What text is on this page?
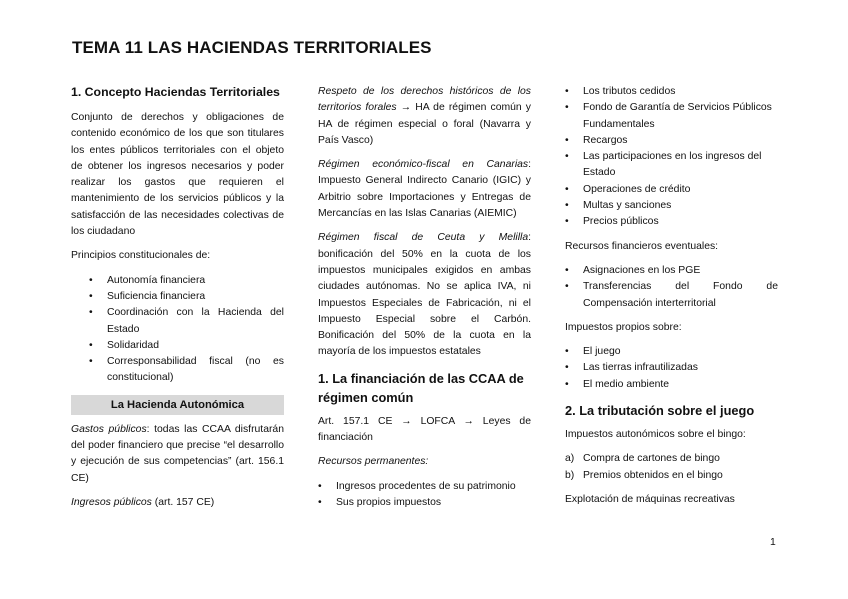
TEMA 11 LAS HACIENDAS TERRITORIALES
1. Concepto Haciendas Territoriales

Conjunto de derechos y obligaciones de contenido económico de los que son titulares los entes públicos territoriales con el objeto de obtener los ingresos necesarios y poder realizar los gastos que requieren el mantenimiento de los servicios públicos y la satisfacción de las necesidades colectivas de los ciudadano

Principios constitucionales de:

• Autonomía financiera
• Suficiencia financiera
• Coordinación con la Hacienda del Estado
• Solidaridad
• Corresponsabilidad fiscal (no es constitucional)
La Hacienda Autonómica

Gastos públicos: todas las CCAA disfrutarán del poder financiero que precise “el desarrollo y ejecución de sus competencias” (art. 156.1 CE)

Ingresos públicos (art. 157 CE)

Respeto de los derechos históricos de los territorios forales → HA de régimen común y HA de régimen especial o foral (Navarra y País Vasco)

Régimen económico-fiscal en Canarias: Impuesto General Indirecto Canario (IGIC) y Arbitrio sobre Importaciones y Entregas de Mercancías en las Islas Canarias (AIEMIC)

Régimen fiscal de Ceuta y Melilla: bonificación del 50% en la cuota de los impuestos municipales exigidos en ambas ciudades autónomas. No se aplica IVA, ni Impuestos Especiales de Fabricación, ni el Impuesto Especial sobre el Carbón. Bonificación del 50% de la cuota en la mayoría de los impuestos estatales

1. La financiación de las CCAA de régimen común

Art. 157.1 CE → LOFCA → Leyes de financiación

Recursos permanentes:

• Ingresos procedentes de su patrimonio
• Sus propios impuestos
• Los tributos cedidos
• Fondo de Garantía de Servicios Públicos Fundamentales
• Recargos
• Las participaciones en los ingresos del Estado
• Operaciones de crédito
• Multas y sanciones
• Precios públicos

Recursos financieros eventuales:

• Asignaciones en los PGE
• Transferencias del Fondo de Compensación interterritorial

Impuestos propios sobre:

• El juego
• Las tierras infrautilizadas
• El medio ambiente
2. La tributación sobre el juego

Impuestos autonómicos sobre el bingo:

a) Compra de cartones de bingo
b) Premios obtenidos en el bingo

Explotación de máquinas recreativas

1
